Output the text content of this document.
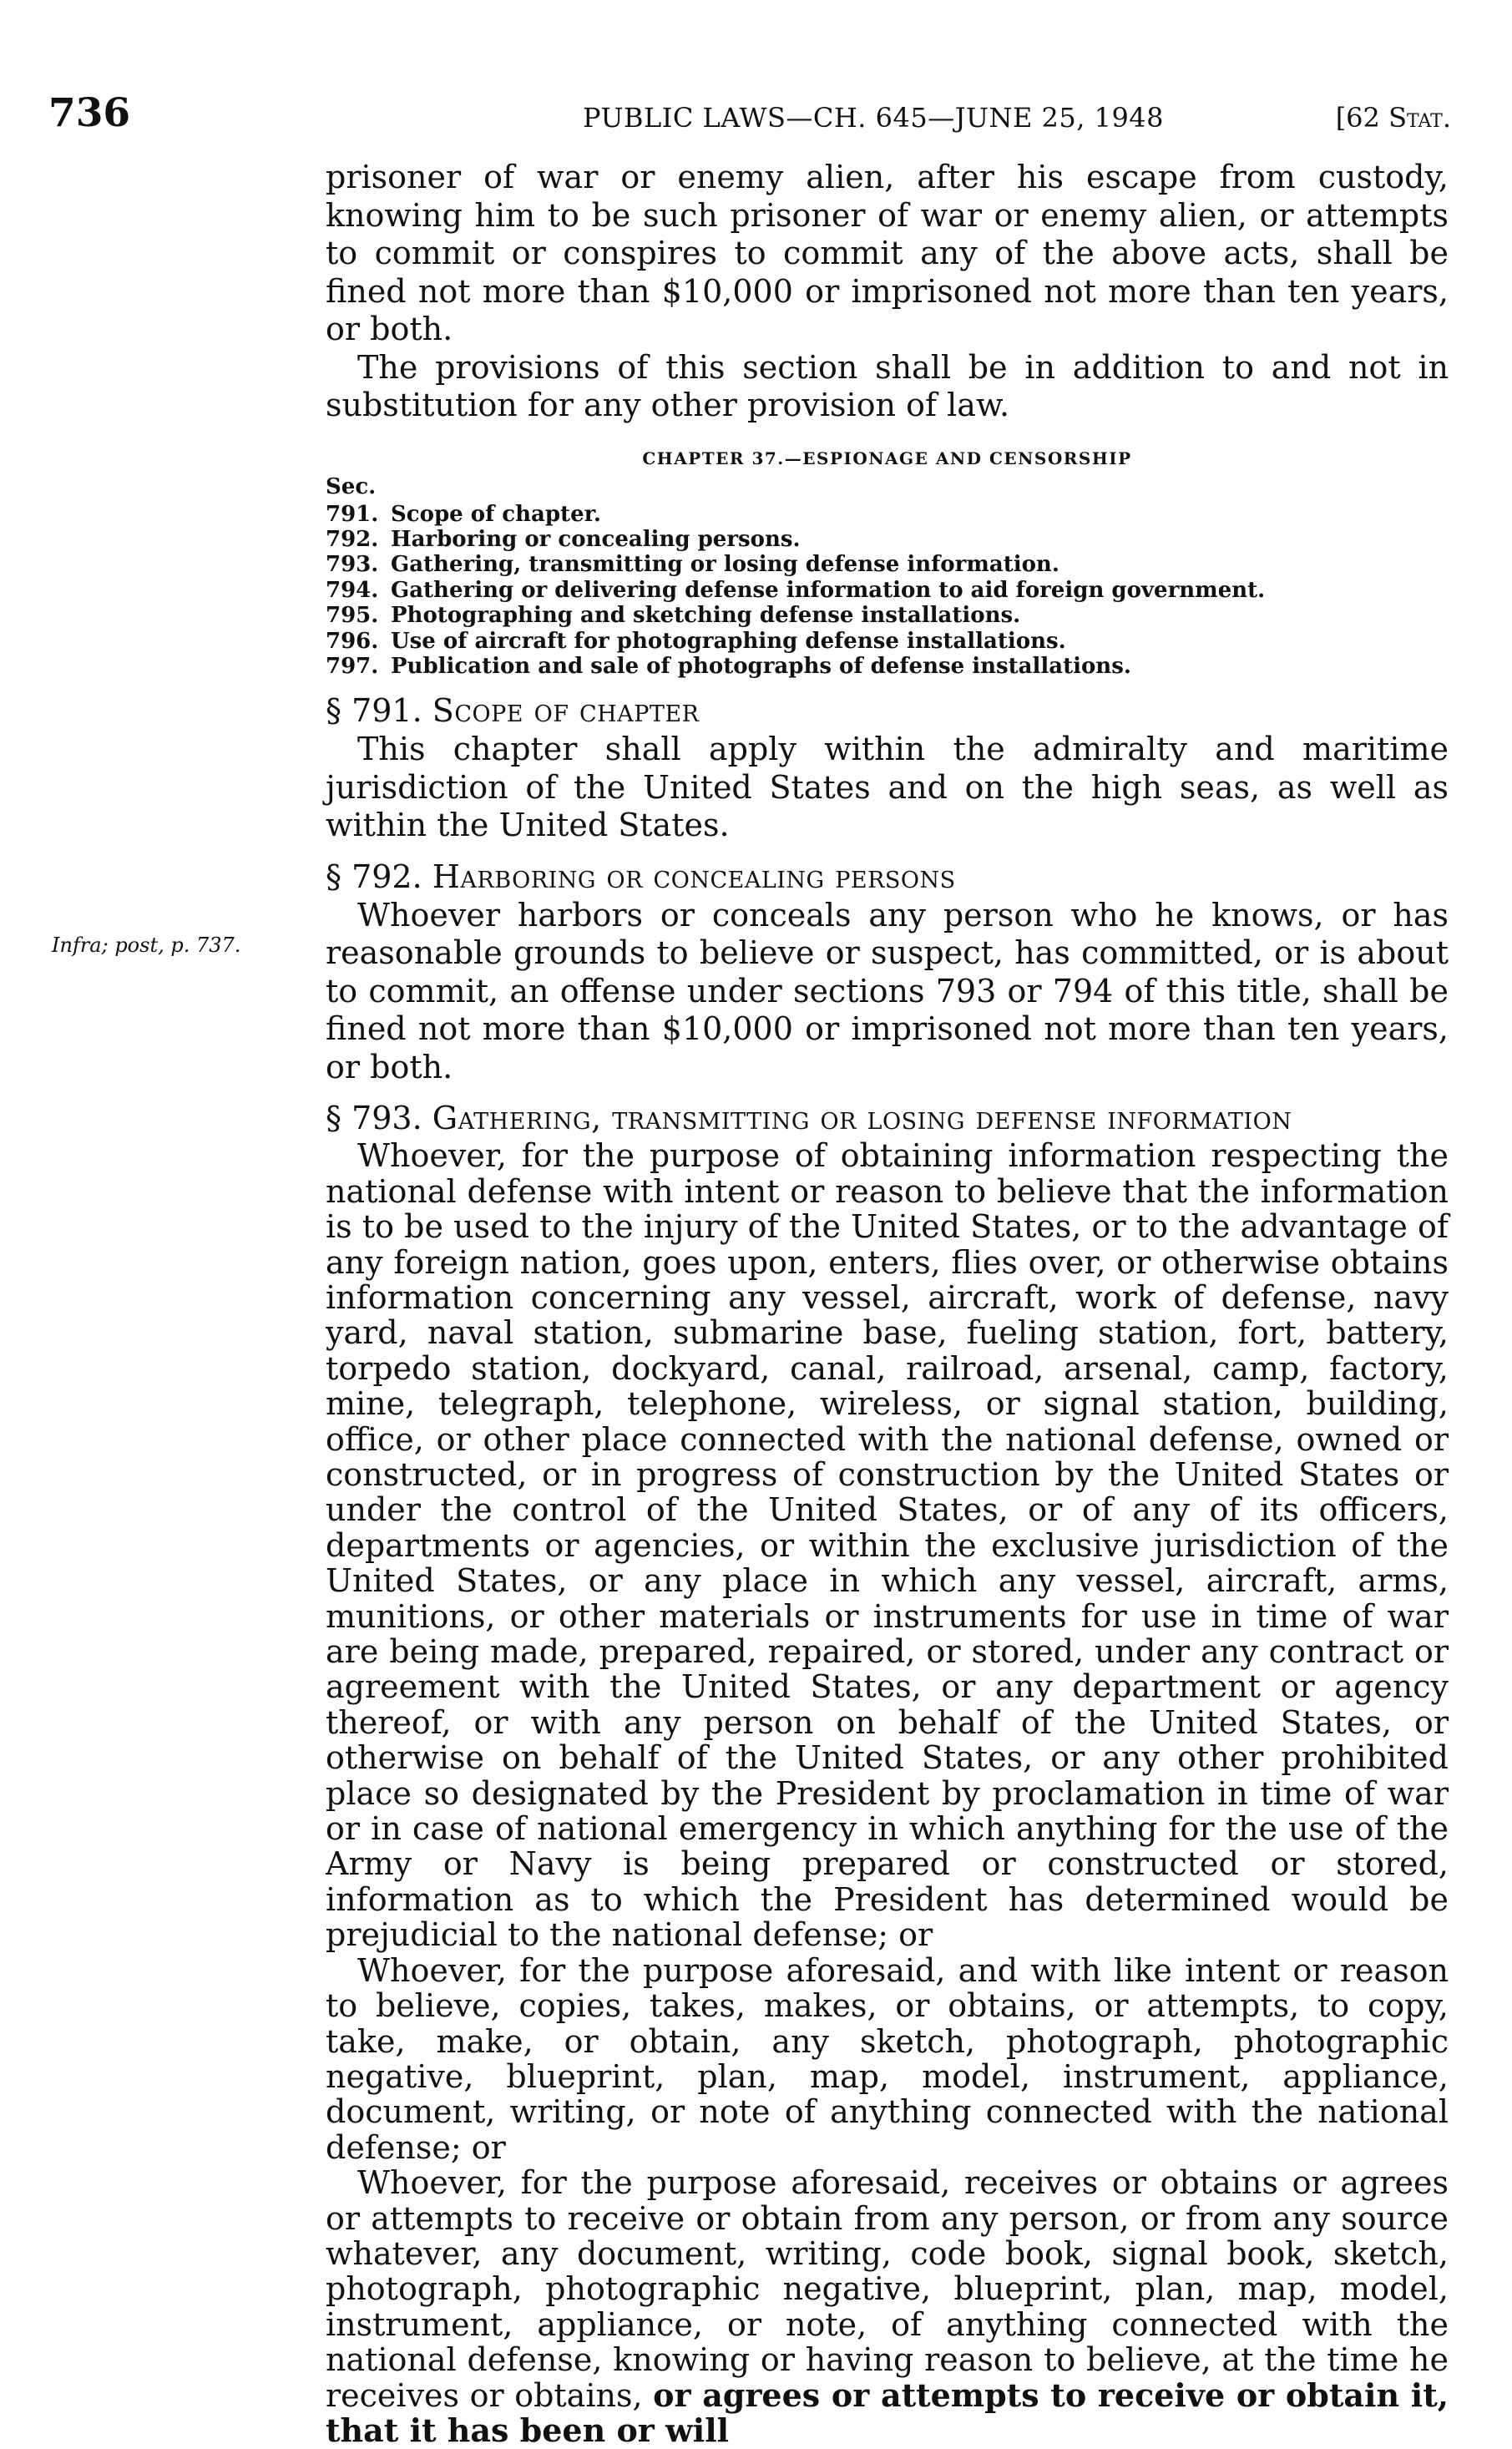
736	PUBLIC LAWS—CH. 645—JUNE 25, 1948	[62 Stat.
Infra; post, p. 737.

prisoner of war or enemy alien, after his escape from custody, knowing him to be such prisoner of war or enemy alien, or attempts to commit or conspires to commit any of the above acts, shall be fined not more than $10,000 or imprisoned not more than ten years, or both.

The provisions of this section shall be in addition to and not in substitution for any other provision of law.

CHAPTER 37.—ESPIONAGE AND CENSORSHIP
Sec.
791. Scope of chapter.
792. Harboring or concealing persons.
793. Gathering, transmitting or losing defense information.
794. Gathering or delivering defense information to aid foreign government.
795. Photographing and sketching defense installations.
796. Use of aircraft for photographing defense installations.
797. Publication and sale of photographs of defense installations.
§ 791. Scope of chapter

This chapter shall apply within the admiralty and maritime jurisdiction of the United States and on the high seas, as well as within the United States.

§ 792. Harboring or concealing persons

Whoever harbors or conceals any person who he knows, or has reasonable grounds to believe or suspect, has committed, or is about to commit, an offense under sections 793 or 794 of this title, shall be fined not more than $10,000 or imprisoned not more than ten years, or both.

§ 793. Gathering, transmitting or losing defense information

Whoever, for the purpose of obtaining information respecting the national defense with intent or reason to believe that the information is to be used to the injury of the United States, or to the advantage of any foreign nation, goes upon, enters, flies over, or otherwise obtains information concerning any vessel, aircraft, work of defense, navy yard, naval station, submarine base, fueling station, fort, battery, torpedo station, dockyard, canal, railroad, arsenal, camp, factory, mine, telegraph, telephone, wireless, or signal station, building, office, or other place connected with the national defense, owned or constructed, or in progress of construction by the United States or under the control of the United States, or of any of its officers, departments or agencies, or within the exclusive jurisdiction of the United States, or any place in which any vessel, aircraft, arms, munitions, or other materials or instruments for use in time of war are being made, prepared, repaired, or stored, under any contract or agreement with the United States, or any department or agency thereof, or with any person on behalf of the United States, or otherwise on behalf of the United States, or any other prohibited place so designated by the President by proclamation in time of war or in case of national emergency in which anything for the use of the Army or Navy is being prepared or constructed or stored, information as to which the President has determined would be prejudicial to the national defense; or

Whoever, for the purpose aforesaid, and with like intent or reason to believe, copies, takes, makes, or obtains, or attempts, to copy, take, make, or obtain, any sketch, photograph, photographic negative, blueprint, plan, map, model, instrument, appliance, document, writing, or note of anything connected with the national defense; or

Whoever, for the purpose aforesaid, receives or obtains or agrees or attempts to receive or obtain from any person, or from any source whatever, any document, writing, code book, signal book, sketch, photograph, photographic negative, blueprint, plan, map, model, instrument, appliance, or note, of anything connected with the national defense, knowing or having reason to believe, at the time he receives or obtains, or agrees or attempts to receive or obtain it, that it has been or will
